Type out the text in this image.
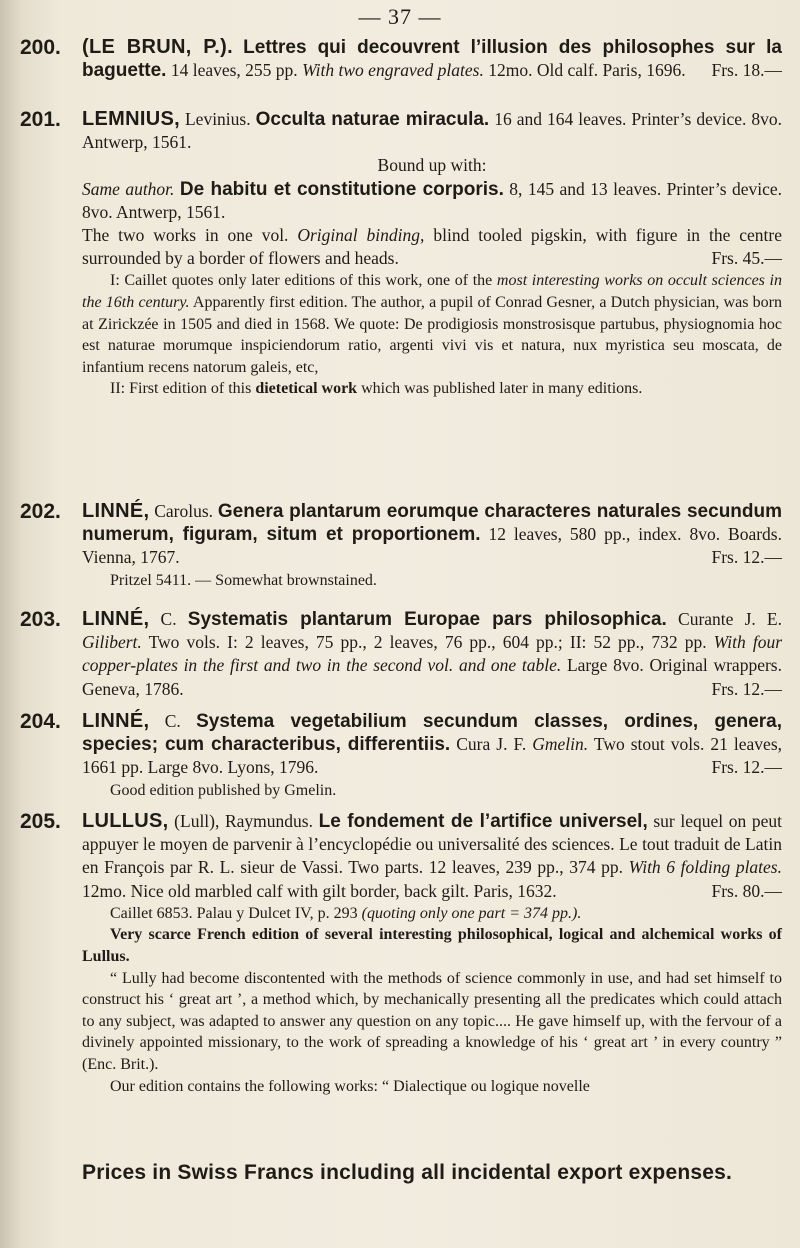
— 37 —
200. (LE BRUN, P.). Lettres qui decouvrent l’illusion des philosophes sur la baguette. 14 leaves, 255 pp. With two engraved plates. 12mo. Old calf. Paris, 1696. Frs. 18.—

201. LEMNIUS, Levinius. Occulta naturae miracula. 16 and 164 leaves. Printer’s device. 8vo. Antwerp, 1561.

Bound up with:

Same author. De habitu et constitutione corporis. 8, 145 and 13 leaves. Printer’s device. 8vo. Antwerp, 1561.

The two works in one vol. Original binding, blind tooled pigskin, with figure in the centre surrounded by a border of flowers and heads.	Frs. 45.—

I: Caillet quotes only later editions of this work, one of the most interesting works on occult sciences in the 16th century. Apparently first edition. The author, a pupil of Conrad Gesner, a Dutch physician, was born at Zirickzée in 1505 and died in 1568. We quote: De prodigiosis monstrosisque partubus, physiognomia hoc est naturae morumque inspiciendorum ratio, argenti vivi vis et natura, nux myristica seu moscata, de infantium recens natorum galeis, etc,

II: First edition of this dietetical work which was published later in many editions.

202. LINNÉ, Carolus. Genera plantarum eorumque characteres naturales secundum numerum, figuram, situm et proportionem. 12 leaves, 580 pp., index. 8vo. Boards. Vienna, 1767.	Frs. 12.—

Pritzel 5411. — Somewhat brownstained.

203. LINNÉ, C. Systematis plantarum Europae pars philosophica. Curante J. E. Gilibert. Two vols. I: 2 leaves, 75 pp., 2 leaves, 76 pp., 604 pp.; II: 52 pp., 732 pp. With four copper-plates in the first and two in the second vol. and one table. Large 8vo. Original wrappers. Geneva, 1786.	Frs. 12.—

204. LINNÉ, C. Systema vegetabilium secundum classes, ordines, genera, species; cum characteribus, differentiis. Cura J. F. Gmelin. Two stout vols. 21 leaves, 1661 pp. Large 8vo. Lyons, 1796.	Frs. 12.—

Good edition published by Gmelin.

205. LULLUS, (Lull), Raymundus. Le fondement de l’artifice universel, sur lequel on peut appuyer le moyen de parvenir à l’encyclopédie ou universalité des sciences. Le tout traduit de Latin en François par R. L. sieur de Vassi. Two parts. 12 leaves, 239 pp., 374 pp. With 6 folding plates. 12mo. Nice old marbled calf with gilt border, back gilt. Paris, 1632.	Frs. 80.—

Caillet 6853. Palau y Dulcet IV, p. 293 (quoting only one part = 374 pp.).

Very scarce French edition of several interesting philosophical, logical and alchemical works of Lullus.

“ Lully had become discontented with the methods of science commonly in use, and had set himself to construct his ‘ great art ’, a method which, by mechanically presenting all the predicates which could attach to any subject, was adapted to answer any question on any topic.... He gave himself up, with the fervour of a divinely appointed missionary, to the work of spreading a knowledge of his ‘ great art ’ in every country ” (Enc. Brit.).

Our edition contains the following works: “ Dialectique ou logique novelle

Prices in Swiss Francs including all incidental export expenses.
